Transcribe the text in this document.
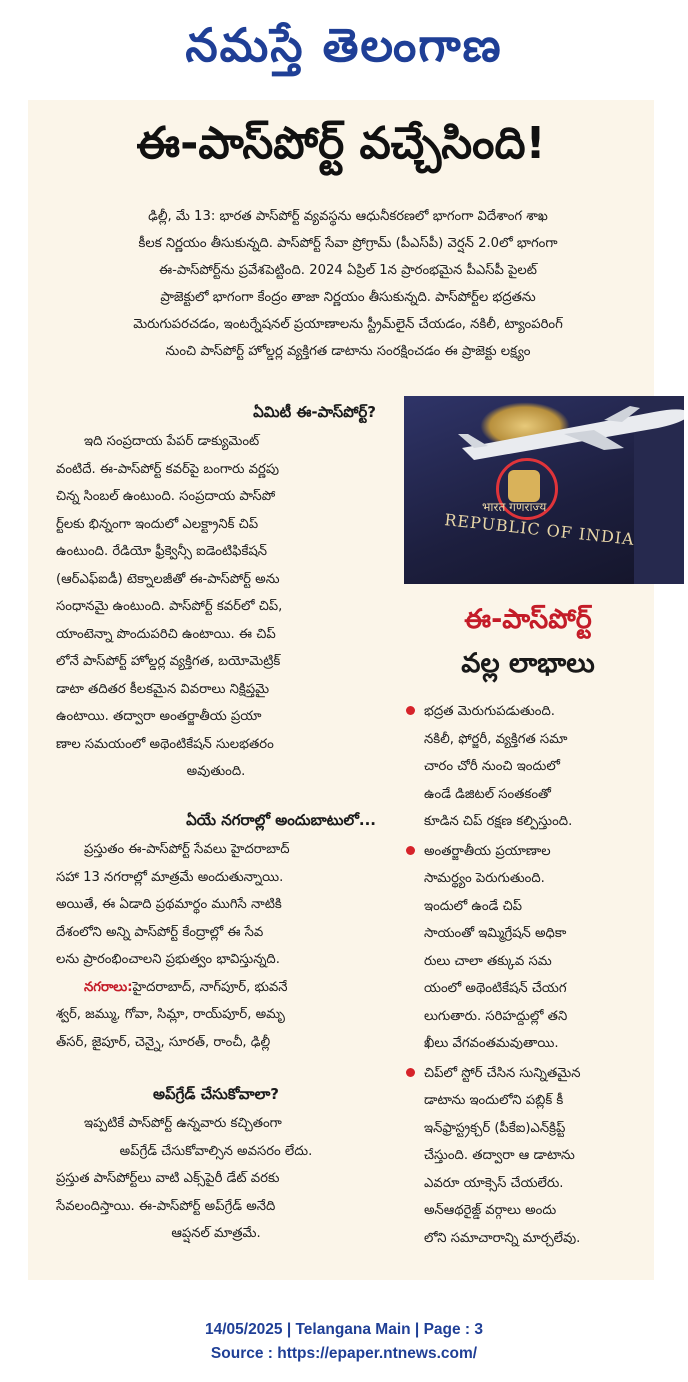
నమస్తే తెలంగాణ
ఈ-పాస్‌పోర్ట్ వచ్చేసింది!
ఢిల్లీ, మే 13: భారత పాస్‌పోర్ట్ వ్యవస్థను ఆధునీకరణలో భాగంగా విదేశాంగ శాఖ
కీలక నిర్ణయం తీసుకున్నది. పాస్‌పోర్ట్ సేవా ప్రోగ్రామ్ (పీఎస్‌పీ) వెర్షన్ 2.0లో భాగంగా
ఈ-పాస్‌పోర్ట్‌ను ప్రవేశపెట్టింది. 2024 ఏప్రిల్ 1న ప్రారంభమైన పీఎస్‌పీ పైలట్
ప్రాజెక్టులో భాగంగా కేంద్రం తాజా నిర్ణయం తీసుకున్నది. పాస్‌పోర్ట్‌ల భద్రతను
మెరుగుపరచడం, ఇంటర్నేషనల్ ప్రయాణాలను స్ట్రీమ్‌లైన్ చేయడం, నకిలీ, ట్యాంపరింగ్
నుంచి పాస్‌పోర్ట్ హోల్డర్ల వ్యక్తిగత డాటాను సంరక్షించడం ఈ ప్రాజెక్టు లక్ష్యం
ఏమిటీ ఈ-పాస్‌పోర్ట్?
ఇది సంప్రదాయ పేపర్ డాక్యుమెంట్
వంటిదే. ఈ-పాస్‌పోర్ట్ కవర్‌పై బంగారు వర్ణపు
చిన్న సింబల్ ఉంటుంది. సంప్రదాయ పాస్‌పో
ర్ట్‌లకు భిన్నంగా ఇందులో ఎలక్ట్రానిక్ చిప్
ఉంటుంది. రేడియో ఫ్రీక్వెన్సీ ఐడెంటిఫికేషన్
(ఆర్‌ఎఫ్‌ఐడీ) టెక్నాలజీతో ఈ-పాస్‌పోర్ట్ అను
సంధానమై ఉంటుంది. పాస్‌పోర్ట్ కవర్‌లో చిప్,
యాంటెన్నా పొందుపరిచి ఉంటాయి. ఈ చిప్
లోనే పాస్‌పోర్ట్ హోల్డర్ల వ్యక్తిగత, బయోమెట్రిక్
డాటా తదితర కీలకమైన వివరాలు నిక్షిప్తమై
ఉంటాయి. తద్వారా అంతర్జాతీయ ప్రయా
ణాల సమయంలో అథెంటికేషన్ సులభతరం
అవుతుంది.
ఏయే నగరాల్లో అందుబాటులో...
ప్రస్తుతం ఈ-పాస్‌పోర్ట్ సేవలు హైదరాబాద్
సహా 13 నగరాల్లో మాత్రమే అందుతున్నాయి.
అయితే, ఈ ఏడాది ప్రథమార్థం ముగిసే నాటికి
దేశంలోని అన్ని పాస్‌పోర్ట్ కేంద్రాల్లో ఈ సేవ
లను ప్రారంభించాలని ప్రభుత్వం భావిస్తున్నది.
నగరాలు:హైదరాబాద్, నాగ్‌పూర్, భువనే
శ్వర్, జమ్ము, గోవా, సిమ్లా, రాయ్‌పూర్, అమృ
త్‌సర్, జైపూర్, చెన్నై, సూరత్, రాంచీ, ఢిల్లీ
అప్‌గ్రేడ్ చేసుకోవాలా?
ఇప్పటికే పాస్‌పోర్ట్ ఉన్నవారు కచ్చితంగా
అప్‌గ్రేడ్ చేసుకోవాల్సిన అవసరం లేదు.
ప్రస్తుత పాస్‌పోర్ట్‌లు వాటి ఎక్స్‌పైరీ డేట్ వరకు
సేవలందిస్తాయి. ఈ-పాస్‌పోర్ట్ అప్‌గ్రేడ్ అనేది
ఆప్షనల్ మాత్రమే.
भारत गणराज्य
REPUBLIC OF INDIA
ఈ-పాస్‌పోర్ట్
వల్ల లాభాలు
భద్రత మెరుగుపడుతుంది.
నకిలీ, ఫోర్జరీ, వ్యక్తిగత సమా
చారం చోరీ నుంచి ఇందులో
ఉండే డిజిటల్ సంతకంతో
కూడిన చిప్ రక్షణ కల్పిస్తుంది.
అంతర్జాతీయ ప్రయాణాల
సామర్థ్యం పెరుగుతుంది.
ఇందులో ఉండే చిప్
సాయంతో ఇమ్మిగ్రేషన్ అధికా
రులు చాలా తక్కువ సమ
యంలో అథెంటికేషన్ చేయగ
లుగుతారు. సరిహద్దుల్లో తని
ఖీలు వేగవంతమవుతాయి.
చిప్‌లో స్టోర్ చేసిన సున్నితమైన
డాటాను ఇందులోని పబ్లిక్ కీ
ఇన్‌ఫ్రాస్ట్రక్చర్ (పీకేఐ)ఎన్‌క్రిప్ట్
చేస్తుంది. తద్వారా ఆ డాటాను
ఎవరూ యాక్సెస్ చేయలేరు.
అన్‌ఆథరైజ్డ్ వర్గాలు అందు
లోని సమాచారాన్ని మార్చలేవు.
14/05/2025 | Telangana Main | Page : 3
Source : https://epaper.ntnews.com/
